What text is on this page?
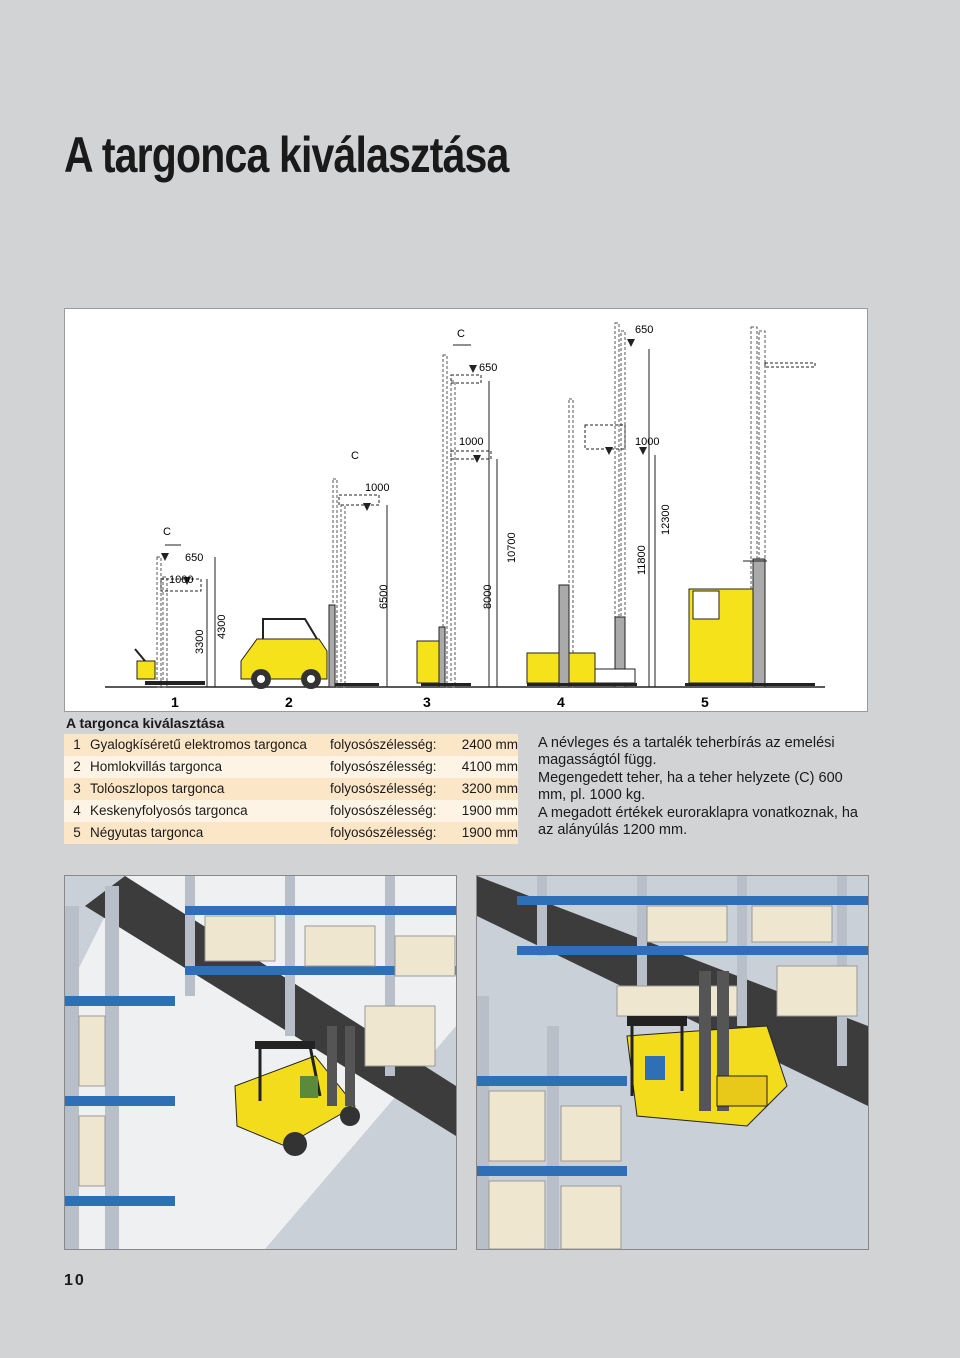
A targonca kiválasztása
C
650
1000
3300
4300
C
1000
6500
C
650
1000
8000
10700
650
1000
11800
12300
1	2	3	4	5
A targonca kiválasztása
1 Gyalogkíséretű elektromos targonca	folyosószélesség:	2400 mm
2 Homlokvillás targonca	folyosószélesség:	4100 mm
3 Tolóoszlopos targonca	folyosószélesség:	3200 mm
4 Keskenyfolyosós targonca	folyosószélesség:	1900 mm
5 Négyutas targonca	folyosószélesség:	1900 mm

A névleges és a tartalék teherbírás az emelési magasságtól függ.

Megengedett teher, ha a teher helyzete (C) 600 mm, pl. 1000 kg.

A megadott értékek euroraklapra vonatkoznak, ha az alányúlás 1200 mm.

10
